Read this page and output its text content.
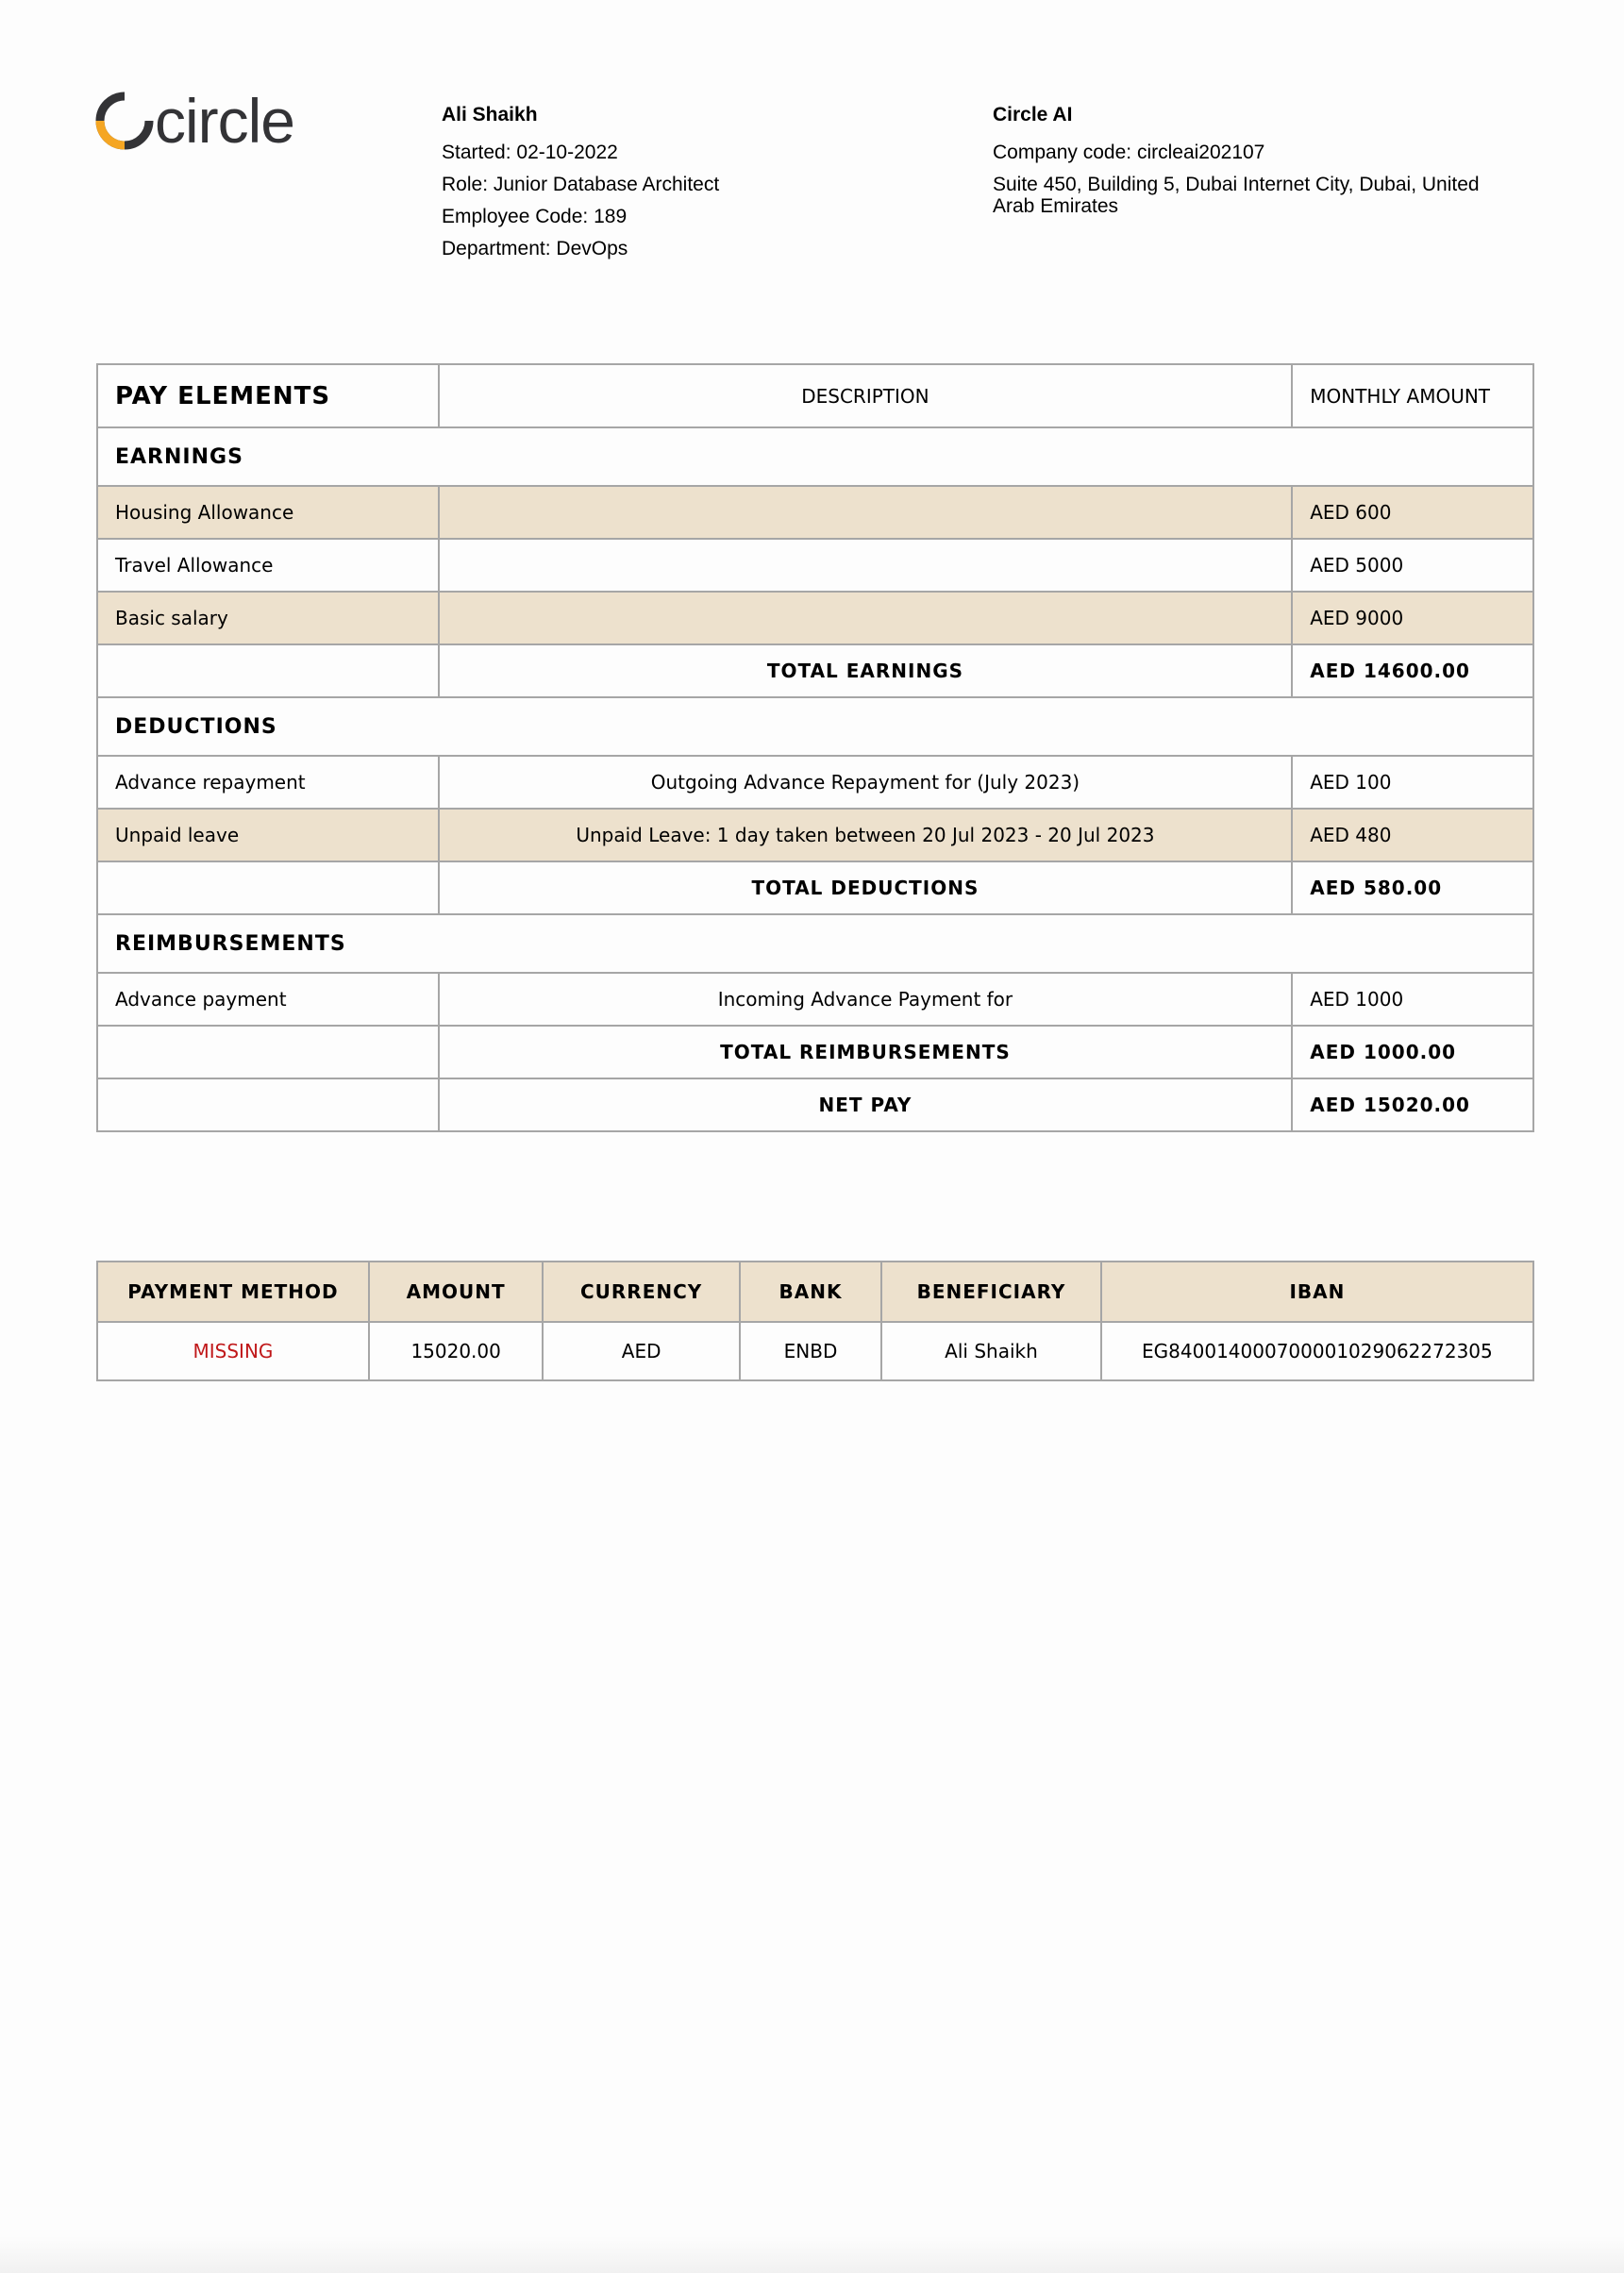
circle	Ali Shaikh
Started: 02-10-2022
Role: Junior Database Architect
Employee Code: 189
Department: DevOps
Circle AI
Company code: circleai202107
Suite 450, Building 5, Dubai Internet City, Dubai, United Arab Emirates
PAY ELEMENTS	DESCRIPTION	MONTHLY AMOUNT
EARNINGS		
Housing Allowance		AED 600
Travel Allowance		AED 5000
Basic salary		AED 9000
	TOTAL EARNINGS	AED 14600.00
DEDUCTIONS		
Advance repayment	Outgoing Advance Repayment for (July 2023)	AED 100
Unpaid leave	Unpaid Leave: 1 day taken between 20 Jul 2023 - 20 Jul 2023	AED 480
	TOTAL DEDUCTIONS	AED 580.00
REIMBURSEMENTS		
Advance payment	Incoming Advance Payment for	AED 1000
	TOTAL REIMBURSEMENTS	AED 1000.00
	NET PAY	AED 15020.00
PAYMENT METHOD	AMOUNT	CURRENCY	BANK	BENEFICIARY	IBAN
MISSING	15020.00	AED	ENBD	Ali Shaikh	EG840014000700001029062272305
